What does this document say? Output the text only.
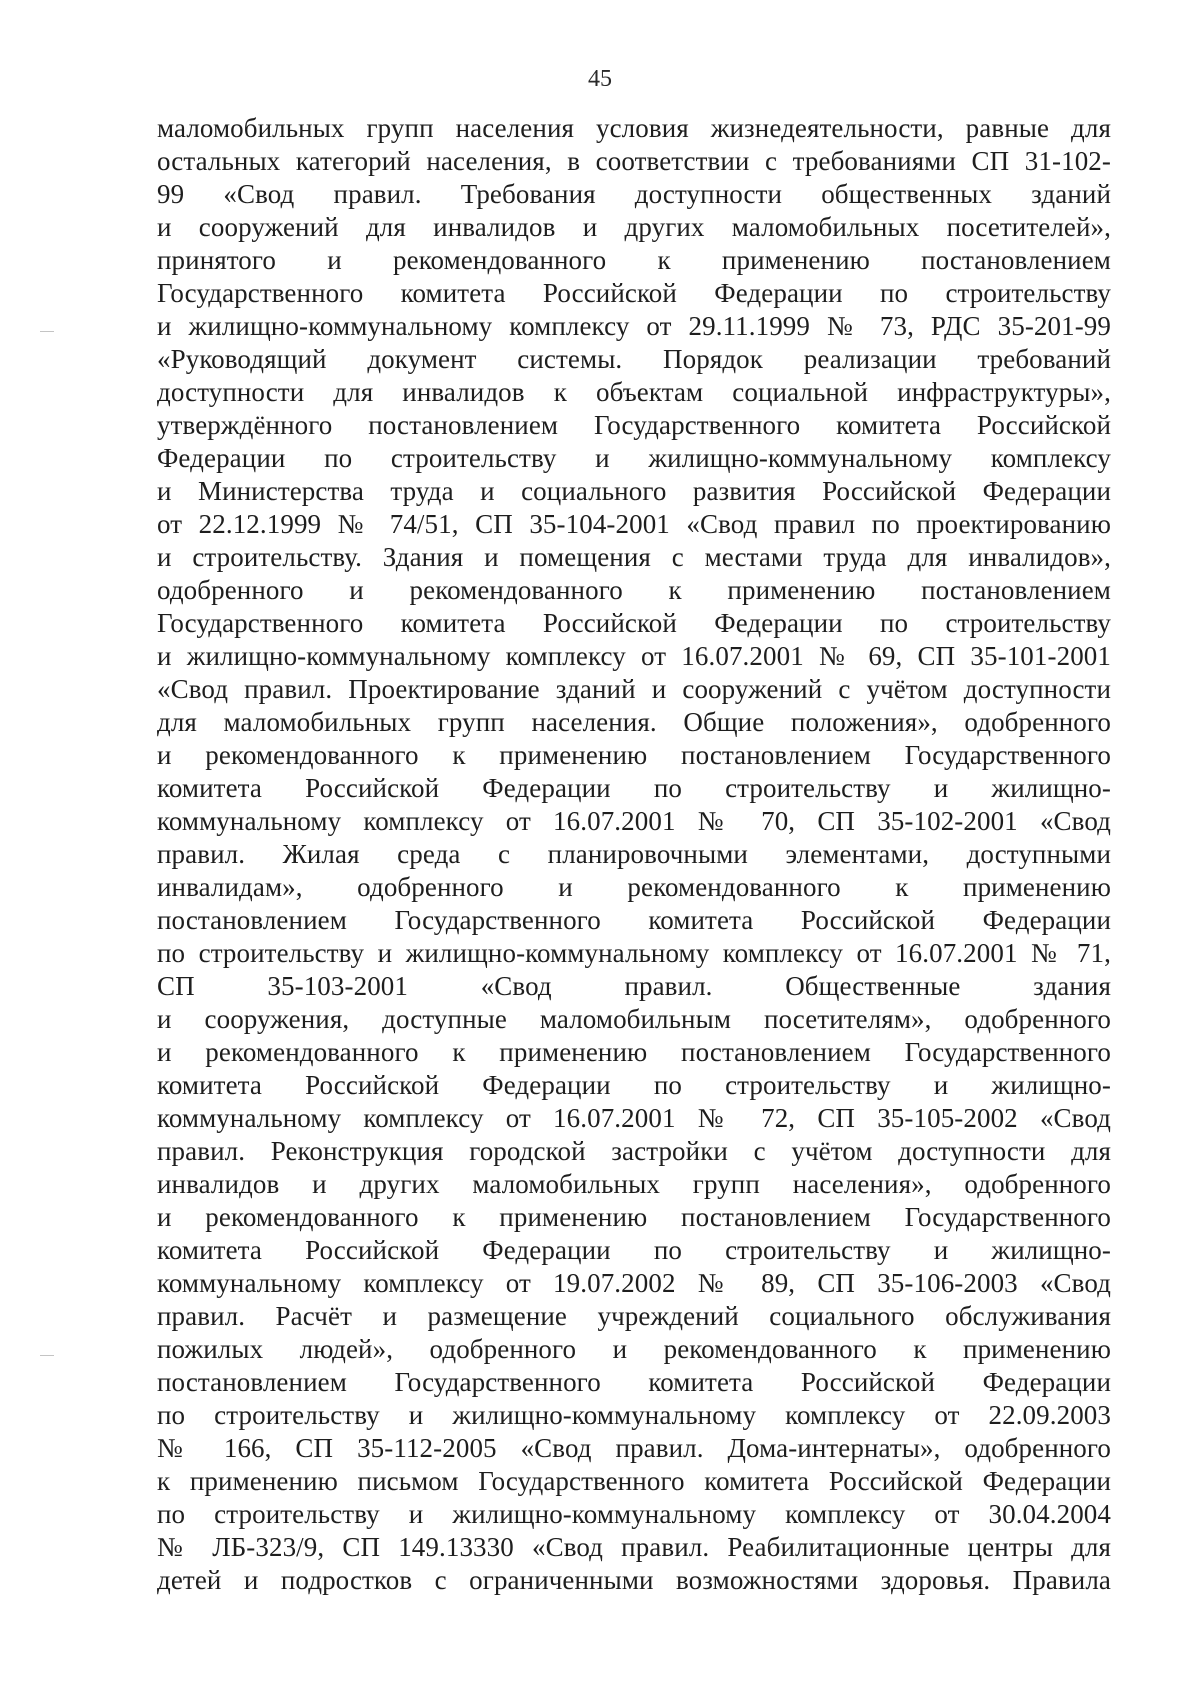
45
маломобильных групп населения условия жизнедеятельности, равные для
остальных категорий населения, в соответствии с требованиями СП 31-102-
99 «Свод правил. Требования доступности общественных зданий
и сооружений для инвалидов и других маломобильных посетителей»,
принятого и рекомендованного к применению постановлением
Государственного комитета Российской Федерации по строительству
и жилищно-коммунальному комплексу от 29.11.1999 № 73, РДС 35-201-99
«Руководящий документ системы. Порядок реализации требований
доступности для инвалидов к объектам социальной инфраструктуры»,
утверждённого постановлением Государственного комитета Российской
Федерации по строительству и жилищно-коммунальному комплексу
и Министерства труда и социального развития Российской Федерации
от 22.12.1999 № 74/51, СП 35-104-2001 «Свод правил по проектированию
и строительству. Здания и помещения с местами труда для инвалидов»,
одобренного и рекомендованного к применению постановлением
Государственного комитета Российской Федерации по строительству
и жилищно-коммунальному комплексу от 16.07.2001 № 69, СП 35-101-2001
«Свод правил. Проектирование зданий и сооружений с учётом доступности
для маломобильных групп населения. Общие положения», одобренного
и рекомендованного к применению постановлением Государственного
комитета Российской Федерации по строительству и жилищно-
коммунальному комплексу от 16.07.2001 № 70, СП 35-102-2001 «Свод
правил. Жилая среда с планировочными элементами, доступными
инвалидам», одобренного и рекомендованного к применению
постановлением Государственного комитета Российской Федерации
по строительству и жилищно-коммунальному комплексу от 16.07.2001 № 71,
СП 35-103-2001 «Свод правил. Общественные здания
и сооружения, доступные маломобильным посетителям», одобренного
и рекомендованного к применению постановлением Государственного
комитета Российской Федерации по строительству и жилищно-
коммунальному комплексу от 16.07.2001 № 72, СП 35-105-2002 «Свод
правил. Реконструкция городской застройки с учётом доступности для
инвалидов и других маломобильных групп населения», одобренного
и рекомендованного к применению постановлением Государственного
комитета Российской Федерации по строительству и жилищно-
коммунальному комплексу от 19.07.2002 № 89, СП 35-106-2003 «Свод
правил. Расчёт и размещение учреждений социального обслуживания
пожилых людей», одобренного и рекомендованного к применению
постановлением Государственного комитета Российской Федерации
по строительству и жилищно-коммунальному комплексу от 22.09.2003
№ 166, СП 35-112-2005 «Свод правил. Дома-интернаты», одобренного
к применению письмом Государственного комитета Российской Федерации
по строительству и жилищно-коммунальному комплексу от 30.04.2004
№ ЛБ-323/9, СП 149.13330 «Свод правил. Реабилитационные центры для
детей и подростков с ограниченными возможностями здоровья. Правила
